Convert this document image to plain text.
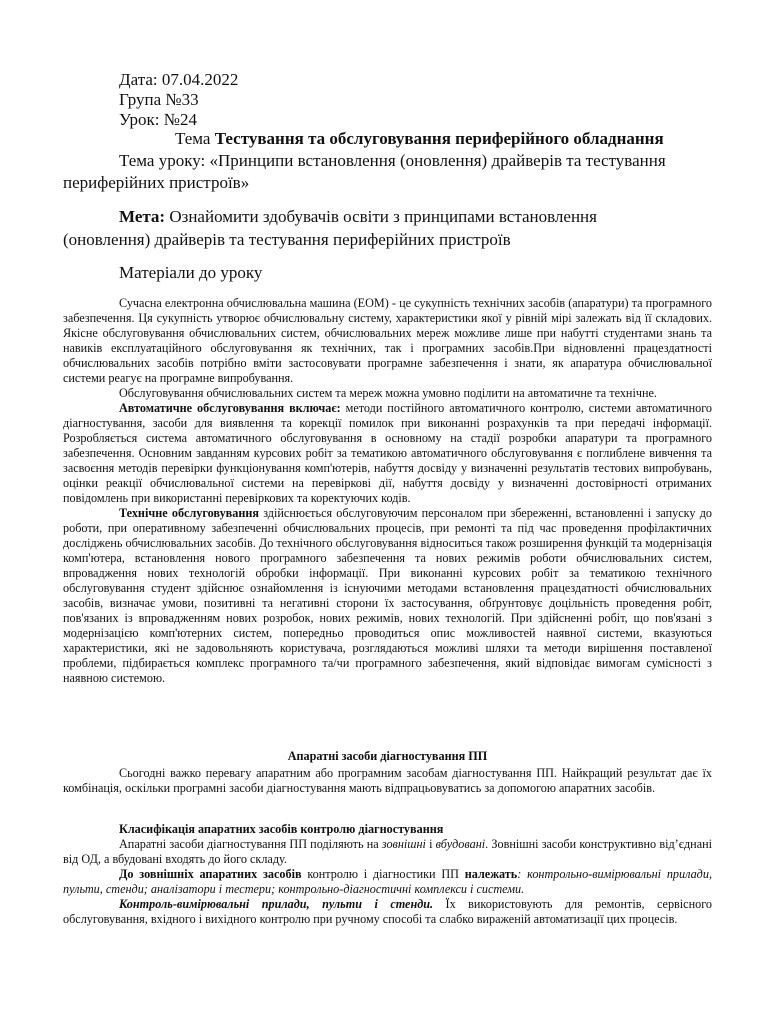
Дата: 07.04.2022
Група №33
Урок: №24
Тема Тестування та обслуговування периферійного обладнання
Тема уроку: «Принципи встановлення (оновлення) драйверів та тестування
периферійних пристроїв»
Мета: Ознайомити здобувачів освіти з принципами встановлення
(оновлення) драйверів та тестування периферійних пристроїв
Матеріали до уроку

Сучасна електронна обчислювальна машина (ЕОМ) - це сукупність технічних засобів (апаратури) та програмного забезпечення. Ця сукупність утворює обчислювальну систему, характеристики якої у рівній мірі залежать від її складових. Якісне обслуговування обчислювальних систем, обчислювальних мереж можливе лише при набутті студентами знань та навиків експлуатаційного обслуговування як технічних, так і програмних засобів.При відновленні працездатності обчислювальних засобів потрібно вміти застосовувати програмне забезпечення і знати, як апаратура обчислювальної системи реагує на програмне випробування.

Обслуговування обчислювальних систем та мереж можна умовно поділити на автоматичне та технічне.

Автоматичне обслуговування включає: методи постійного автоматичного контролю, системи автоматичного діагностування, засоби для виявлення та корекції помилок при виконанні розрахунків та при передачі інформації. Розробляється система автоматичного обслуговування в основному на стадії розробки апаратури та програмного забезпечення. Основним завданням курсових робіт за тематикою автоматичного обслуговування є поглиблене вивчення та засвоєння методів перевірки функціонування комп'ютерів, набуття досвіду у визначенні результатів тестових випробувань, оцінки реакції обчислювальної системи на перевіркові дії, набуття досвіду у визначенні достовірності отриманих повідомлень при використанні перевіркових та коректуючих кодів.

Технічне обслуговування здійснюється обслуговуючим персоналом при збереженні, встановленні і запуску до роботи, при оперативному забезпеченні обчислювальних процесів, при ремонті та під час проведення профілактичних досліджень обчислювальних засобів. До технічного обслуговування відноситься також розширення функцій та модернізація комп'ютера, встановлення нового програмного забезпечення та нових режимів роботи обчислювальних систем, впровадження нових технологій обробки інформації. При виконанні курсових робіт за тематикою технічного обслуговування студент здійснює ознайомлення із існуючими методами встановлення працездатності обчислювальних засобів, визначає умови, позитивні та негативні сторони їх застосування, обґрунтовує доцільність проведення робіт, пов'язаних із впровадженням нових розробок, нових режимів, нових технологій. При здійсненні робіт, що пов'язані з модернізацією комп'ютерних систем, попередньо проводиться опис можливостей наявної системи, вказуються характеристики, які не задовольняють користувача, розглядаються можливі шляхи та методи вирішення поставленої проблеми, підбирається комплекс програмного та/чи програмного забезпечення, який відповідає вимогам сумісності з наявною системою.

Апаратні засоби діагностування ПП

Сьогодні важко перевагу апаратним або програмним засобам діагностування ПП. Найкращий результат дає їх комбінація, оскільки програмні засоби діагностування мають відпрацьовуватись за допомогою апаратних засобів.

Класифікація апаратних засобів контролю діагностування

Апаратні засоби діагностування ПП поділяють на зовнішні і вбудовані. Зовнішні засоби конструктивно від’єднані від ОД, а вбудовані входять до його складу.

До зовнішніх апаратних засобів контролю і діагностики ПП належать: контрольно-вимірювальні прилади, пульти, стенди; аналізатори і тестери; контрольно-діагностичні комплекси і системи.

Контроль-вимірювальні прилади, пульти і стенди. Їх використовують для ремонтів, сервісного обслуговування, вхідного і вихідного контролю при ручному способі та слабко вираженій автоматизації цих процесів.
